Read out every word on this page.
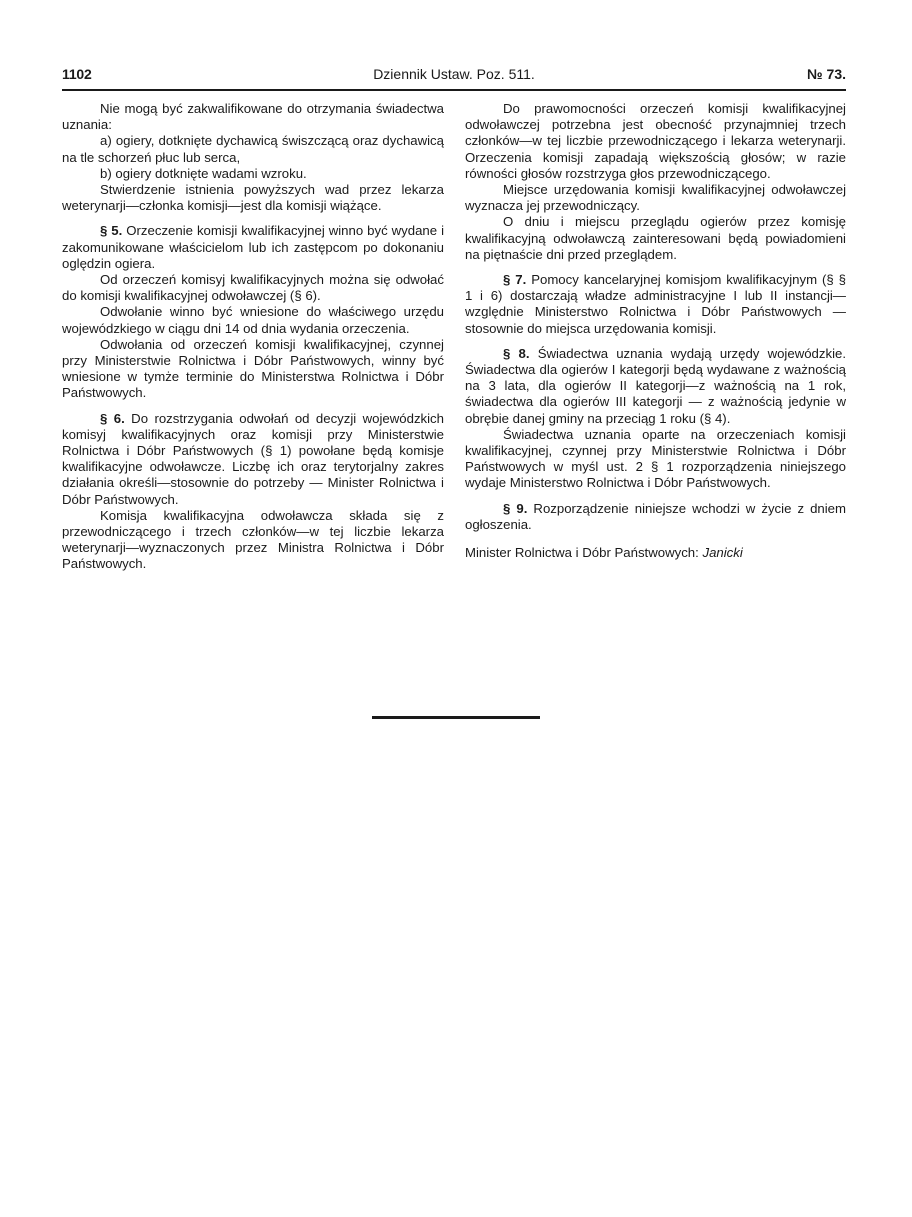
1102	Dziennik Ustaw. Poz. 511.	№ 73.

Nie mogą być zakwalifikowane do otrzymania świadectwa uznania:

a) ogiery, dotknięte dychawicą świszczącą oraz dychawicą na tle schorzeń płuc lub serca,

b) ogiery dotknięte wadami wzroku.

Stwierdzenie istnienia powyższych wad przez lekarza weterynarji—członka komisji—jest dla komisji wiążące.

§ 5. Orzeczenie komisji kwalifikacyjnej winno być wydane i zakomunikowane właścicielom lub ich zastępcom po dokonaniu oględzin ogiera.

Od orzeczeń komisyj kwalifikacyjnych można się odwołać do komisji kwalifikacyjnej odwoławczej (§ 6).

Odwołanie winno być wniesione do właściwego urzędu wojewódzkiego w ciągu dni 14 od dnia wydania orzeczenia.

Odwołania od orzeczeń komisji kwalifikacyjnej, czynnej przy Ministerstwie Rolnictwa i Dóbr Państwowych, winny być wniesione w tymże terminie do Ministerstwa Rolnictwa i Dóbr Państwowych.

§ 6. Do rozstrzygania odwołań od decyzji wojewódzkich komisyj kwalifikacyjnych oraz komisji przy Ministerstwie Rolnictwa i Dóbr Państwowych (§ 1) powołane będą komisje kwalifikacyjne odwoławcze. Liczbę ich oraz terytorjalny zakres działania określi—stosownie do potrzeby — Minister Rolnictwa i Dóbr Państwowych.

Komisja kwalifikacyjna odwoławcza składa się z przewodniczącego i trzech członków—w tej liczbie lekarza weterynarji—wyznaczonych przez Ministra Rolnictwa i Dóbr Państwowych.

Do prawomocności orzeczeń komisji kwalifikacyjnej odwoławczej potrzebna jest obecność przynajmniej trzech członków—w tej liczbie przewodniczącego i lekarza weterynarji. Orzeczenia komisji zapadają większością głosów; w razie równości głosów rozstrzyga głos przewodniczącego.

Miejsce urzędowania komisji kwalifikacyjnej odwoławczej wyznacza jej przewodniczący.

O dniu i miejscu przeglądu ogierów przez komisję kwalifikacyjną odwoławczą zainteresowani będą powiadomieni na piętnaście dni przed przeglądem.

§ 7. Pomocy kancelaryjnej komisjom kwalifikacyjnym (§ § 1 i 6) dostarczają władze administracyjne I lub II instancji—względnie Ministerstwo Rolnictwa i Dóbr Państwowych — stosownie do miejsca urzędowania komisji.

§ 8. Świadectwa uznania wydają urzędy wojewódzkie. Świadectwa dla ogierów I kategorji będą wydawane z ważnością na 3 lata, dla ogierów II kategorji—z ważnością na 1 rok, świadectwa dla ogierów III kategorji — z ważnością jedynie w obrębie danej gminy na przeciąg 1 roku (§ 4).

Świadectwa uznania oparte na orzeczeniach komisji kwalifikacyjnej, czynnej przy Ministerstwie Rolnictwa i Dóbr Państwowych w myśl ust. 2 § 1 rozporządzenia niniejszego wydaje Ministerstwo Rolnictwa i Dóbr Państwowych.

§ 9. Rozporządzenie niniejsze wchodzi w życie z dniem ogłoszenia.

Minister Rolnictwa i Dóbr Państwowych: Janicki
